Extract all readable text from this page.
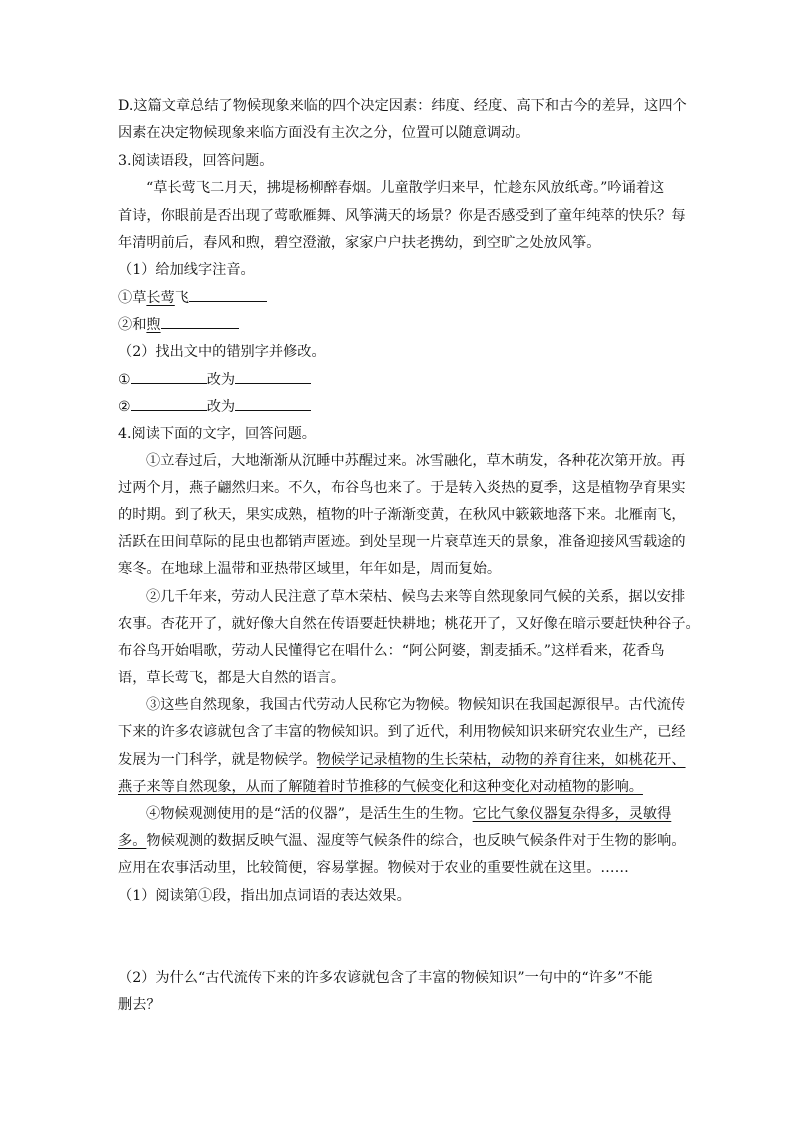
D.这篇文章总结了物候现象来临的四个决定因素：纬度、经度、高下和古今的差异，这四个
因素在决定物候现象来临方面没有主次之分，位置可以随意调动。
3.阅读语段，回答问题。
“草长莺飞二月天，拂堤杨柳醉春烟。儿童散学归来早，忙趁东风放纸鸢。”吟诵着这
首诗，你眼前是否出现了莺歌雁舞、风筝满天的场景？你是否感受到了童年纯萃的快乐？每
年清明前后，春风和煦，碧空澄澈，家家户户扶老携幼，到空旷之处放风筝。
（1）给加线字注音。
①草长莺飞
②和煦
（2）找出文中的错别字并修改。
①	改为
②	改为
4.阅读下面的文字，回答问题。
①立春过后，大地渐渐从沉睡中苏醒过来。冰雪融化，草木萌发，各种花次第开放。再
过两个月，燕子翩然归来。不久，布谷鸟也来了。于是转入炎热的夏季，这是植物孕育果实
的时期。到了秋天，果实成熟，植物的叶子渐渐变黄，在秋风中簌簌地落下来。北雁南飞，
活跃在田间草际的昆虫也都销声匿迹。到处呈现一片衰草连天的景象，准备迎接风雪载途的
寒冬。在地球上温带和亚热带区域里，年年如是，周而复始。
②几千年来，劳动人民注意了草木荣枯、候鸟去来等自然现象同气候的关系，据以安排
农事。杏花开了，就好像大自然在传语要赶快耕地；桃花开了，又好像在暗示要赶快种谷子。
布谷鸟开始唱歌，劳动人民懂得它在唱什么：“阿公阿婆，割麦插禾。”这样看来，花香鸟
语，草长莺飞，都是大自然的语言。
③这些自然现象，我国古代劳动人民称它为物候。物候知识在我国起源很早。古代流传
下来的许多农谚就包含了丰富的物候知识。到了近代，利用物候知识来研究农业生产，已经
发展为一门科学，就是物候学。物候学记录植物的生长荣枯，动物的养育往来，如桃花开、
燕子来等自然现象，从而了解随着时节推移的气候变化和这种变化对动植物的影响。
④物候观测使用的是“活的仪器”，是活生生的生物。它比气象仪器复杂得多，灵敏得
多。物候观测的数据反映气温、湿度等气候条件的综合，也反映气候条件对于生物的影响。
应用在农事活动里，比较简便，容易掌握。物候对于农业的重要性就在这里。……
（1）阅读第①段，指出加点词语的表达效果。
（2）为什么“古代流传下来的许多农谚就包含了丰富的物候知识”一句中的“许多”不能
删去？
